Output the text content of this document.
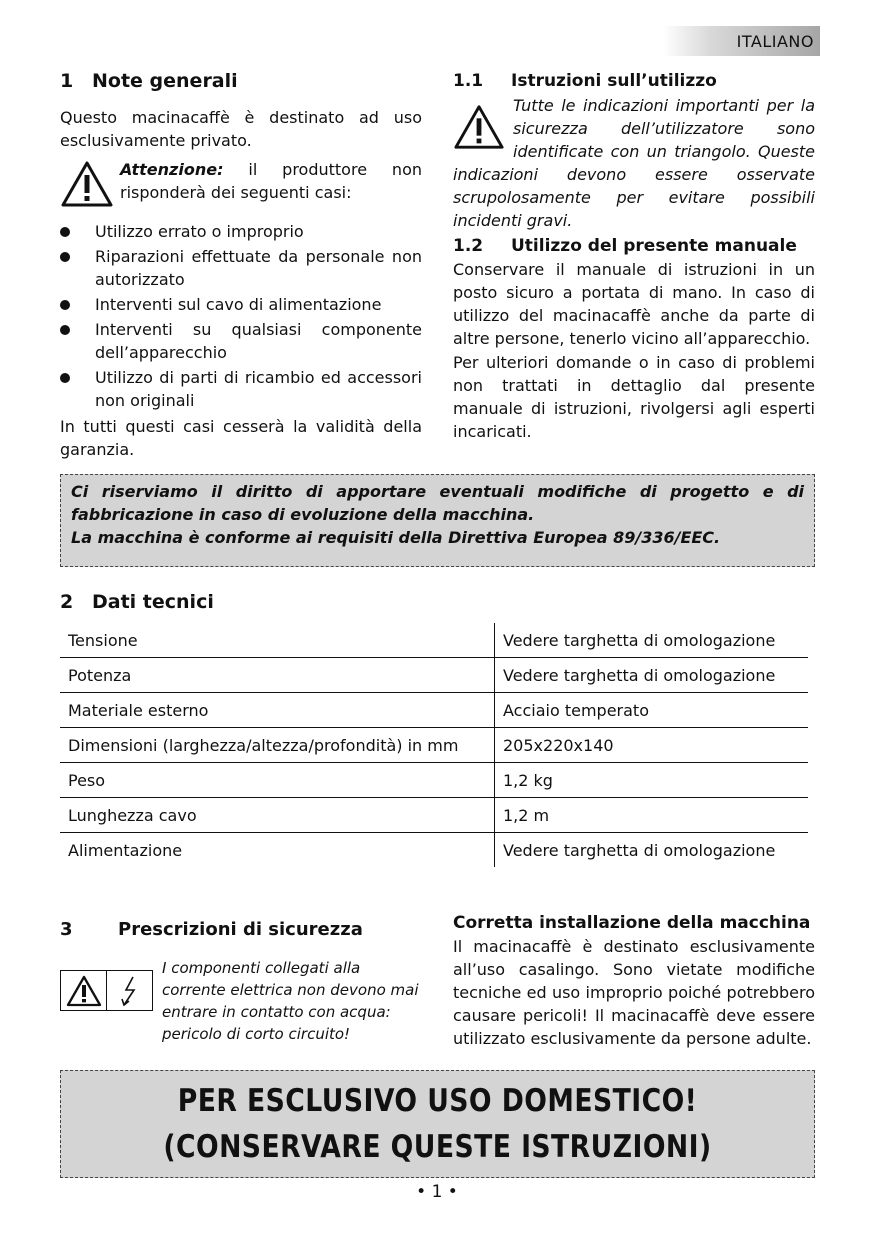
ITALIANO
1 Note generali
Questo macinacaffè è destinato ad uso esclusivamente privato.
Attenzione: il produttore non risponderà dei seguenti casi:
Utilizzo errato o improprio
Riparazioni effettuate da personale non autorizzato
Interventi sul cavo di alimentazione
Interventi su qualsiasi componente dell’apparecchio
Utilizzo di parti di ricambio ed accessori non originali
In tutti questi casi cesserà la validità della garanzia.
1.1 Istruzioni sull’utilizzo
Tutte le indicazioni importanti per la sicurezza dell’utilizzatore sono identificate con un triangolo. Queste indicazioni devono essere osservate scrupolosamente per evitare possibili incidenti gravi.
1.2 Utilizzo del presente manuale
Conservare il manuale di istruzioni in un posto sicuro a portata di mano. In caso di utilizzo del macinacaffè anche da parte di altre persone, tenerlo vicino all’apparecchio.
Per ulteriori domande o in caso di problemi non trattati in dettaglio dal presente manuale di istruzioni, rivolgersi agli esperti incaricati.
Ci riserviamo il diritto di apportare eventuali modifiche di progetto e di fabbricazione in caso di evoluzione della macchina.
La macchina è conforme ai requisiti della Direttiva Europea 89/336/EEC.
2 Dati tecnici
Tensione	Vedere targhetta di omologazione
Potenza	Vedere targhetta di omologazione
Materiale esterno	Acciaio temperato
Dimensioni (larghezza/altezza/profondità) in mm	205x220x140
Peso	1,2 kg
Lunghezza cavo	1,2 m
Alimentazione	Vedere targhetta di omologazione
3	Prescrizioni di sicurezza
I componenti collegati alla corrente elettrica non devono mai entrare in contatto con acqua: pericolo di corto circuito!
Corretta installazione della macchina
Il macinacaffè è destinato esclusivamente all’uso casalingo. Sono vietate modifiche tecniche ed uso improprio poiché potrebbero causare pericoli! Il macinacaffè deve essere utilizzato esclusivamente da persone adulte.
PER ESCLUSIVO USO DOMESTICO!
(CONSERVARE QUESTE ISTRUZIONI)
• 1 •
